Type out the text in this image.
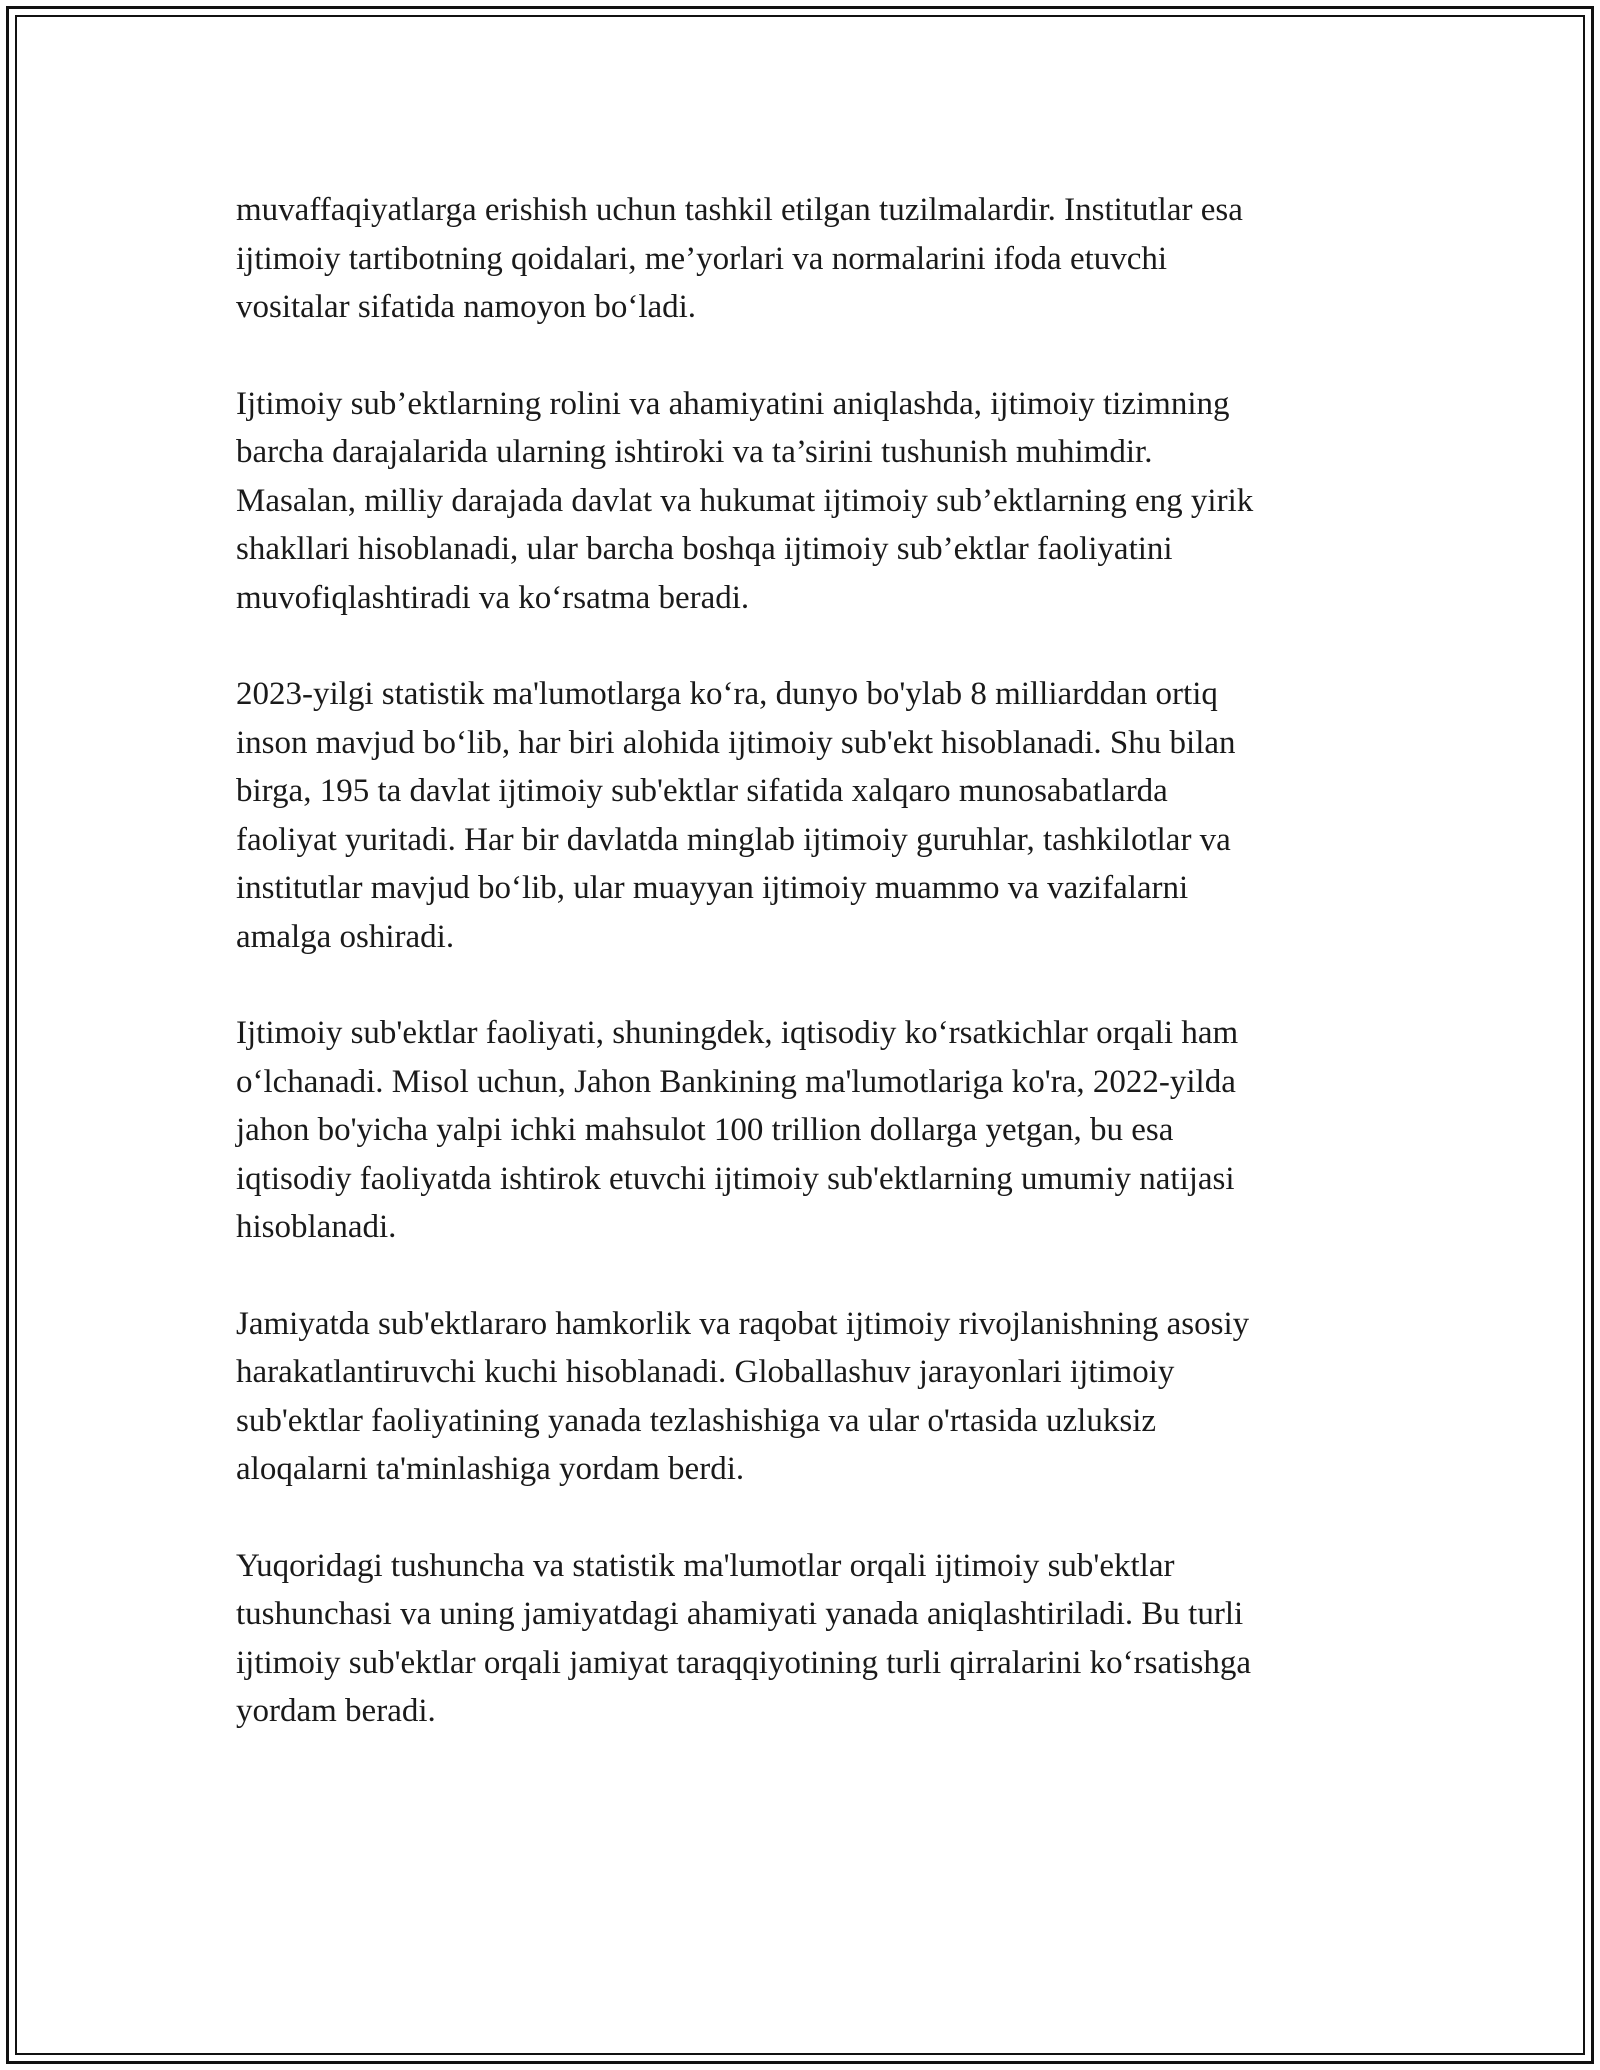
muvaffaqiyatlarga erishish uchun tashkil etilgan tuzilmalardir. Institutlar esa
ijtimoiy tartibotning qoidalari, me’yorlari va normalarini ifoda etuvchi
vositalar sifatida namoyon bo‘ladi.

Ijtimoiy sub’ektlarning rolini va ahamiyatini aniqlashda, ijtimoiy tizimning
barcha darajalarida ularning ishtiroki va ta’sirini tushunish muhimdir.
Masalan, milliy darajada davlat va hukumat ijtimoiy sub’ektlarning eng yirik
shakllari hisoblanadi, ular barcha boshqa ijtimoiy sub’ektlar faoliyatini
muvofiqlashtiradi va ko‘rsatma beradi.

2023-yilgi statistik ma'lumotlarga ko‘ra, dunyo bo'ylab 8 milliarddan ortiq
inson mavjud bo‘lib, har biri alohida ijtimoiy sub'ekt hisoblanadi. Shu bilan
birga, 195 ta davlat ijtimoiy sub'ektlar sifatida xalqaro munosabatlarda
faoliyat yuritadi. Har bir davlatda minglab ijtimoiy guruhlar, tashkilotlar va
institutlar mavjud bo‘lib, ular muayyan ijtimoiy muammo va vazifalarni
amalga oshiradi.

Ijtimoiy sub'ektlar faoliyati, shuningdek, iqtisodiy ko‘rsatkichlar orqali ham
o‘lchanadi. Misol uchun, Jahon Bankining ma'lumotlariga ko'ra, 2022-yilda
jahon bo'yicha yalpi ichki mahsulot 100 trillion dollarga yetgan, bu esa
iqtisodiy faoliyatda ishtirok etuvchi ijtimoiy sub'ektlarning umumiy natijasi
hisoblanadi.

Jamiyatda sub'ektlararo hamkorlik va raqobat ijtimoiy rivojlanishning asosiy
harakatlantiruvchi kuchi hisoblanadi. Globallashuv jarayonlari ijtimoiy
sub'ektlar faoliyatining yanada tezlashishiga va ular o'rtasida uzluksiz
aloqalarni ta'minlashiga yordam berdi.

Yuqoridagi tushuncha va statistik ma'lumotlar orqali ijtimoiy sub'ektlar
tushunchasi va uning jamiyatdagi ahamiyati yanada aniqlashtiriladi. Bu turli
ijtimoiy sub'ektlar orqali jamiyat taraqqiyotining turli qirralarini ko‘rsatishga
yordam beradi.
